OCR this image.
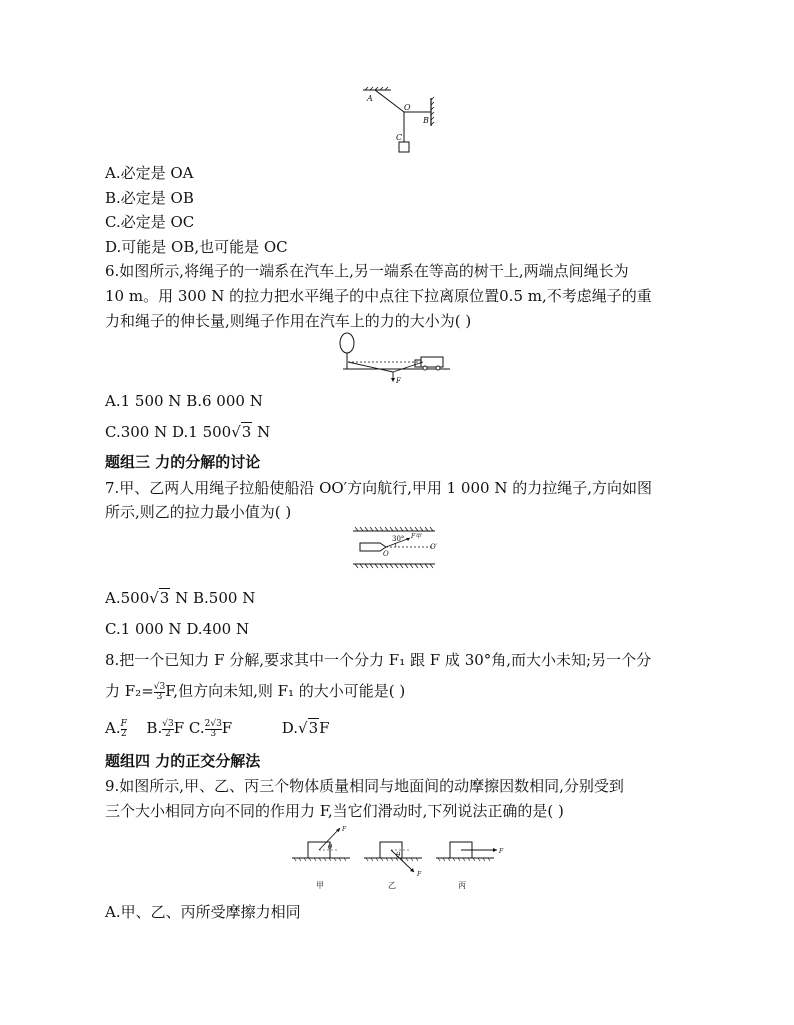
A
O
B
C
A.必定是 OA
B.必定是 OB
C.必定是 OC
D.可能是 OB,也可能是 OC
6.如图所示,将绳子的一端系在汽车上,另一端系在等高的树干上,两端点间绳长为
10 m。用 300 N 的拉力把水平绳子的中点往下拉离原位置0.5 m,不考虑绳子的重
力和绳子的伸长量,则绳子作用在汽车上的力的大小为( )
F
A.1 500 N B.6 000 N
C.300 N D.1 500√3 N
题组三 力的分解的讨论
7.甲、乙两人用绳子拉船使船沿 OO′方向航行,甲用 1 000 N 的力拉绳子,方向如图
所示,则乙的拉力最小值为( )
30° F甲
O
O′
A.500√3 N B.500 N
C.1 000 N D.400 N
8.把一个已知力 F 分解,要求其中一个分力 F₁ 跟 F 成 30°角,而大小未知;另一个分
力 $F_2= \frac{√3}{3} F$,但方向未知,则 F₁ 的大小可能是( )
A. $\frac{F}{2} B$. $\frac{√3}{2}$ F C. $\frac{2√3}{3}$ F	D.√3F
题组四 力的正交分解法
9.如图所示,甲、乙、丙三个物体质量相同与地面间的动摩擦因数相同,分别受到
三个大小相同方向不同的作用力 F,当它们滑动时,下列说法正确的是( )
θ
F
甲
θ
F
乙
F
丙
A.甲、乙、丙所受摩擦力相同
